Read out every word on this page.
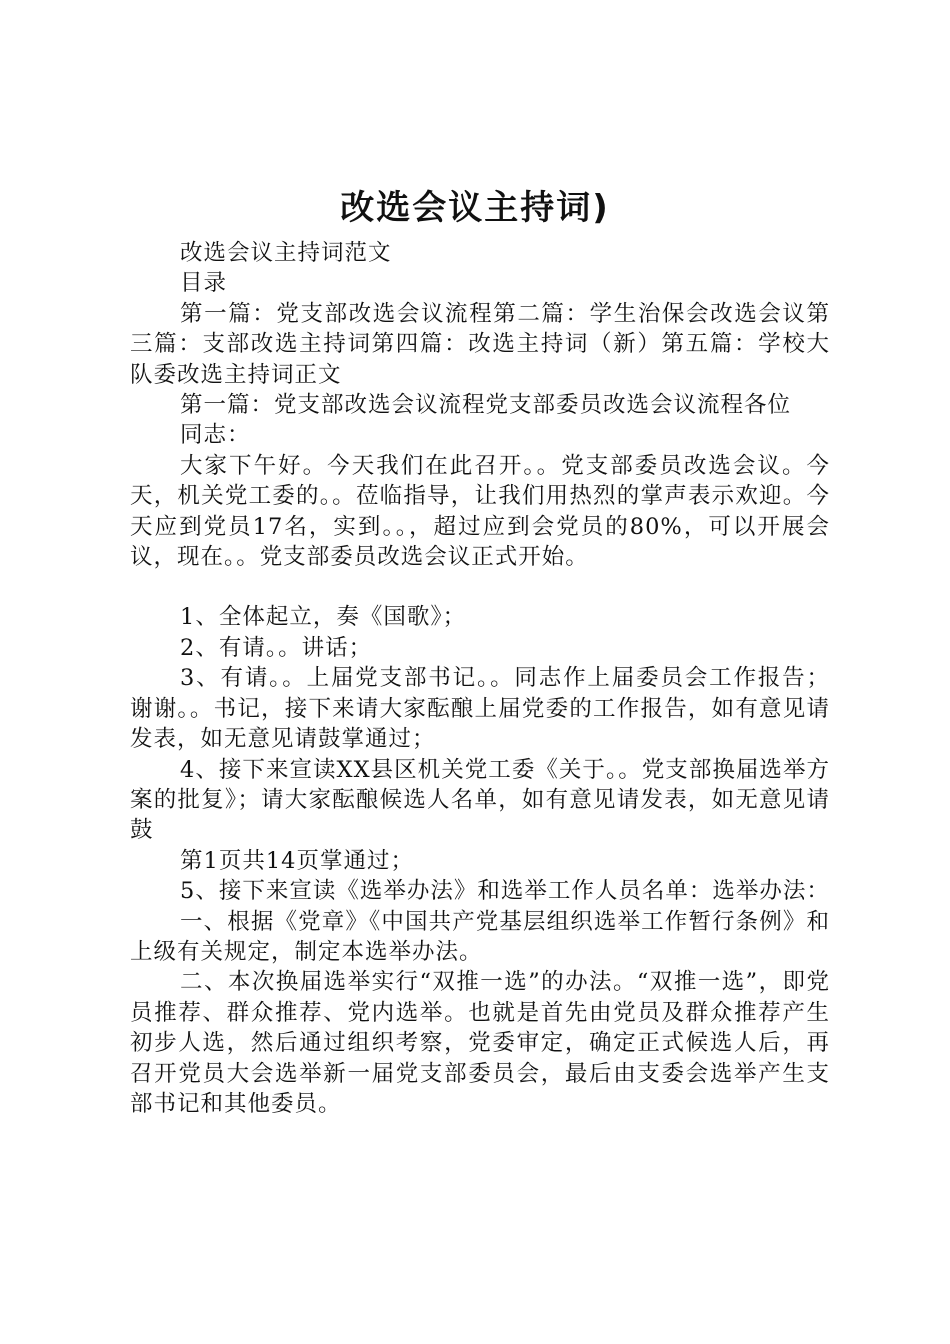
改选会议主持词)

改选会议主持词范文

目录

第一篇：党支部改选会议流程第二篇：学生治保会改选会议第三篇：支部改选主持词第四篇：改选主持词（新）第五篇：学校大队委改选主持词正文

第一篇：党支部改选会议流程党支部委员改选会议流程各位

同志：

大家下午好。今天我们在此召开。。党支部委员改选会议。今天，机关党工委的。。莅临指导，让我们用热烈的掌声表示欢迎。今天应到党员17名，实到。。，超过应到会党员的80%，可以开展会议，现在。。党支部委员改选会议正式开始。

1、全体起立，奏《国歌》；

2、有请。。讲话；

3、有请。。上届党支部书记。。同志作上届委员会工作报告；谢谢。。书记，接下来请大家酝酿上届党委的工作报告，如有意见请发表，如无意见请鼓掌通过；

4、接下来宣读XX县区机关党工委《关于。。党支部换届选举方案的批复》；请大家酝酿候选人名单，如有意见请发表，如无意见请鼓

第1页共14页掌通过；

5、接下来宣读《选举办法》和选举工作人员名单：选举办法：

一、根据《党章》《中国共产党基层组织选举工作暂行条例》和上级有关规定，制定本选举办法。

二、本次换届选举实行“双推一选”的办法。“双推一选”，即党员推荐、群众推荐、党内选举。也就是首先由党员及群众推荐产生初步人选，然后通过组织考察，党委审定，确定正式候选人后，再召开党员大会选举新一届党支部委员会，最后由支委会选举产生支部书记和其他委员。
